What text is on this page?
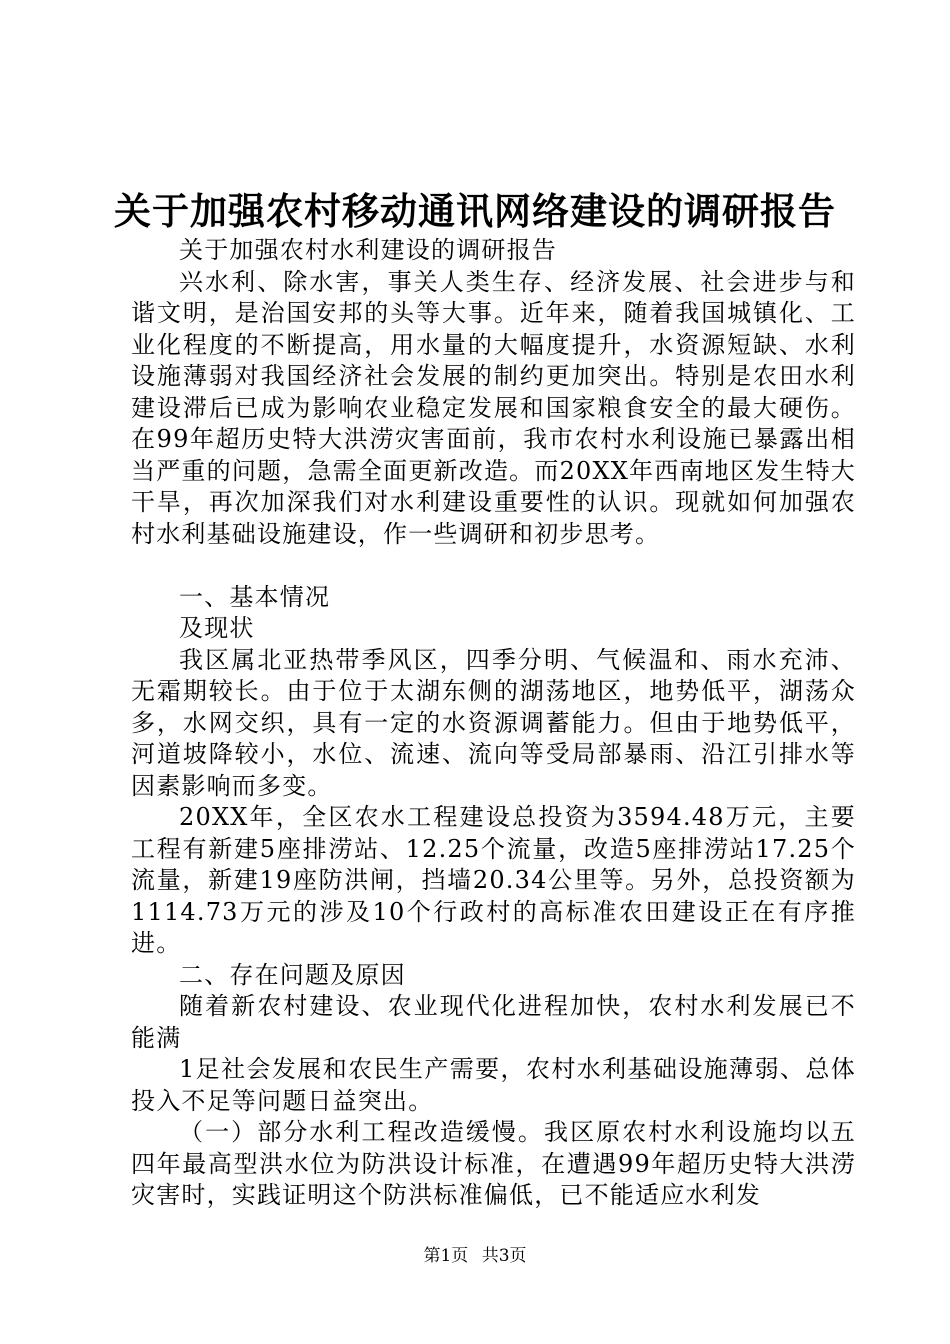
关于加强农村移动通讯网络建设的调研报告

关于加强农村水利建设的调研报告

兴水利、除水害，事关人类生存、经济发展、社会进步与和谐文明，是治国安邦的头等大事。近年来，随着我国城镇化、工业化程度的不断提高，用水量的大幅度提升，水资源短缺、水利设施薄弱对我国经济社会发展的制约更加突出。特别是农田水利建设滞后已成为影响农业稳定发展和国家粮食安全的最大硬伤。在99年超历史特大洪涝灾害面前，我市农村水利设施已暴露出相当严重的问题，急需全面更新改造。而20XX年西南地区发生特大干旱，再次加深我们对水利建设重要性的认识。现就如何加强农村水利基础设施建设，作一些调研和初步思考。

一、基本情况

及现状

我区属北亚热带季风区，四季分明、气候温和、雨水充沛、无霜期较长。由于位于太湖东侧的湖荡地区，地势低平，湖荡众多，水网交织，具有一定的水资源调蓄能力。但由于地势低平，河道坡降较小，水位、流速、流向等受局部暴雨、沿江引排水等因素影响而多变。

20XX年，全区农水工程建设总投资为3594.48万元，主要工程有新建5座排涝站、12.25个流量，改造5座排涝站17.25个流量，新建19座防洪闸，挡墙20.34公里等。另外，总投资额为1114.73万元的涉及10个行政村的高标准农田建设正在有序推进。

二、存在问题及原因

随着新农村建设、农业现代化进程加快，农村水利发展已不能满

1足社会发展和农民生产需要，农村水利基础设施薄弱、总体投入不足等问题日益突出。

（一）部分水利工程改造缓慢。我区原农村水利设施均以五四年最高型洪水位为防洪设计标准，在遭遇99年超历史特大洪涝灾害时，实践证明这个防洪标准偏低，已不能适应水利发

第1页 共3页
